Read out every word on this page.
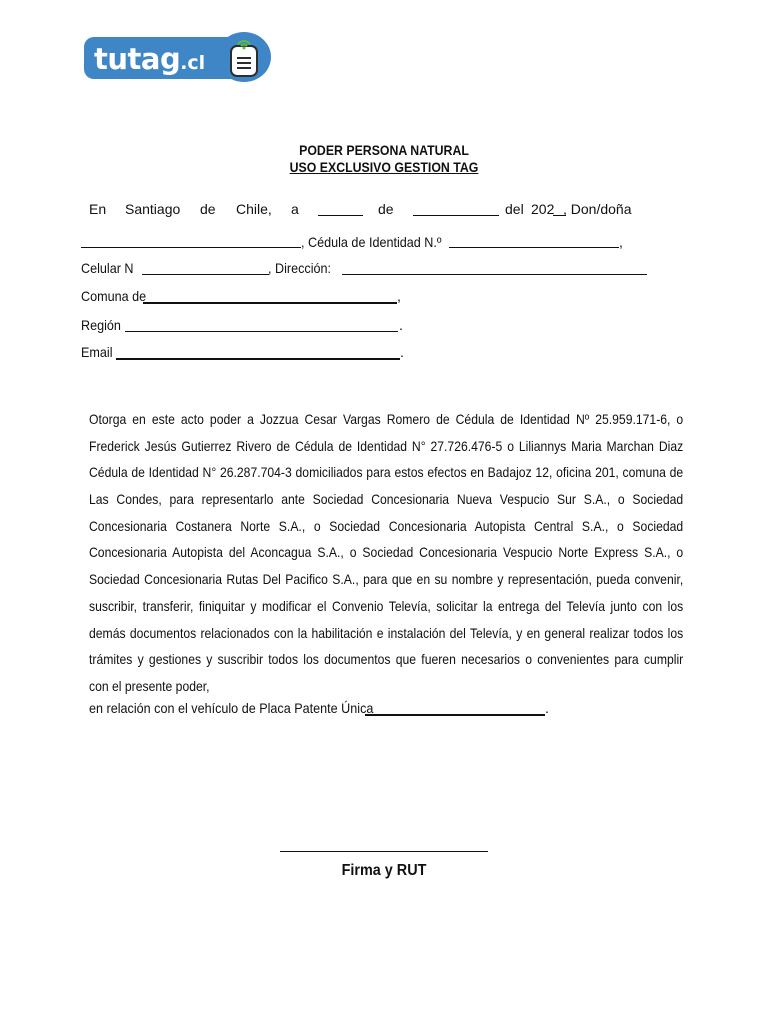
tutag.cl
PODER PERSONA NATURAL
USO EXCLUSIVO GESTION TAG
En Santiago de Chile, a	de	del 202 , Don/doña
, Cédula de Identidad N.º	,
Celular N	, Dirección:
Comuna de	,
Región	.
Email	.
Otorga en este acto poder a Jozzua Cesar Vargas Romero de Cédula de Identidad Nº 25.959.171-6, o
Frederick Jesús Gutierrez Rivero de Cédula de Identidad N° 27.726.476-5 o Liliannys Maria Marchan Diaz
Cédula de Identidad N° 26.287.704-3 domiciliados para estos efectos en Badajoz 12, oficina 201, comuna de
Las Condes, para representarlo ante Sociedad Concesionaria Nueva Vespucio Sur S.A., o Sociedad
Concesionaria Costanera Norte S.A., o Sociedad Concesionaria Autopista Central S.A., o Sociedad
Concesionaria Autopista del Aconcagua S.A., o Sociedad Concesionaria Vespucio Norte Express S.A., o
Sociedad Concesionaria Rutas Del Pacifico S.A., para que en su nombre y representación, pueda convenir,
suscribir, transferir, finiquitar y modificar el Convenio Televía, solicitar la entrega del Televía junto con los
demás documentos relacionados con la habilitación e instalación del Televía, y en general realizar todos los
trámites y gestiones y suscribir todos los documentos que fueren necesarios o convenientes para cumplir
con el presente poder,
en relación con el vehículo de Placa Patente Única	.
Firma y RUT
